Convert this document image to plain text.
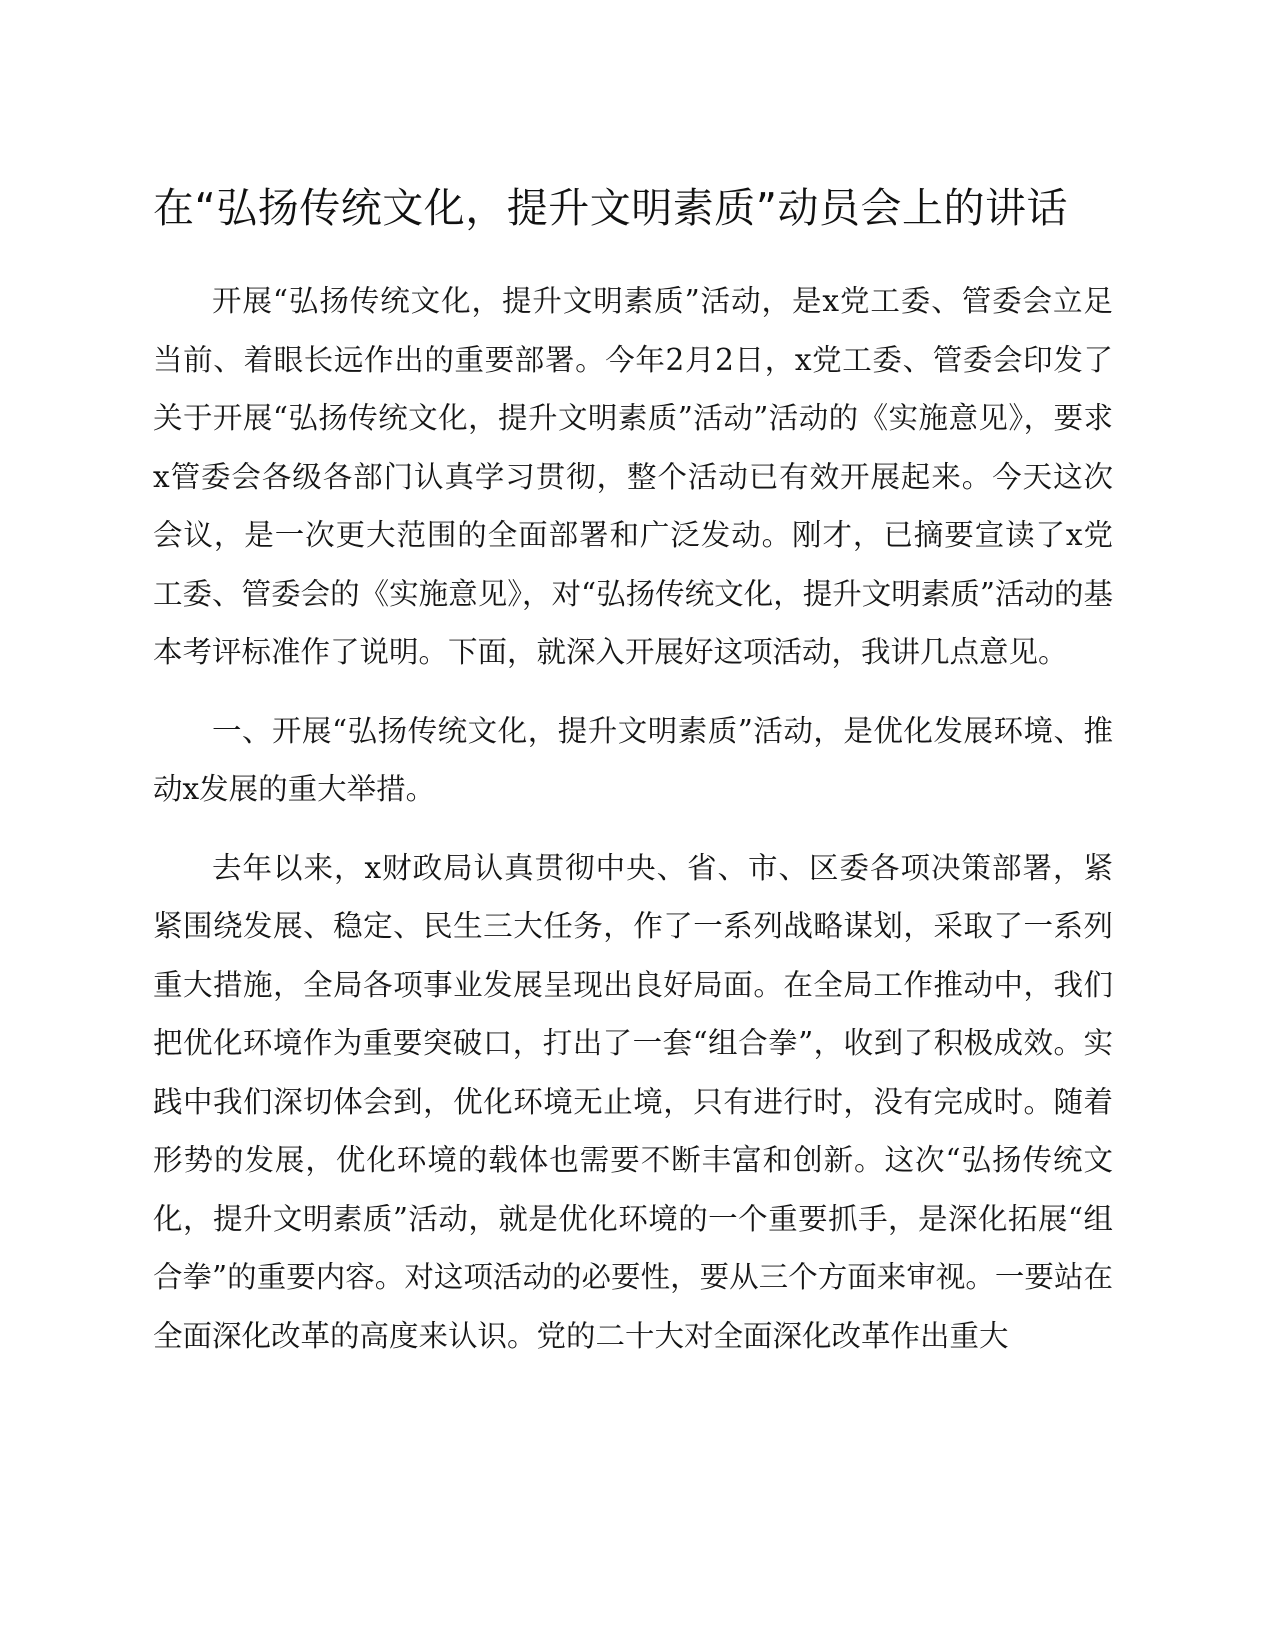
在“弘扬传统文化，提升文明素质”动员会上的讲话

开展“弘扬传统文化，提升文明素质”活动，是x党工委、管委会立足当前、着眼长远作出的重要部署。今年2月2日，x党工委、管委会印发了关于开展“弘扬传统文化，提升文明素质”活动”活动的《实施意见》，要求x管委会各级各部门认真学习贯彻，整个活动已有效开展起来。今天这次会议，是一次更大范围的全面部署和广泛发动。刚才，已摘要宣读了x党工委、管委会的《实施意见》，对“弘扬传统文化，提升文明素质”活动的基本考评标准作了说明。下面，就深入开展好这项活动，我讲几点意见。

一、开展“弘扬传统文化，提升文明素质”活动，是优化发展环境、推动x发展的重大举措。

去年以来，x财政局认真贯彻中央、省、市、区委各项决策部署，紧紧围绕发展、稳定、民生三大任务，作了一系列战略谋划，采取了一系列重大措施，全局各项事业发展呈现出良好局面。在全局工作推动中，我们把优化环境作为重要突破口，打出了一套“组合拳”，收到了积极成效。实践中我们深切体会到，优化环境无止境，只有进行时，没有完成时。随着形势的发展，优化环境的载体也需要不断丰富和创新。这次“弘扬传统文化，提升文明素质”活动，就是优化环境的一个重要抓手，是深化拓展“组合拳”的重要内容。对这项活动的必要性，要从三个方面来审视。一要站在全面深化改革的高度来认识。党的二十大对全面深化改革作出重大
